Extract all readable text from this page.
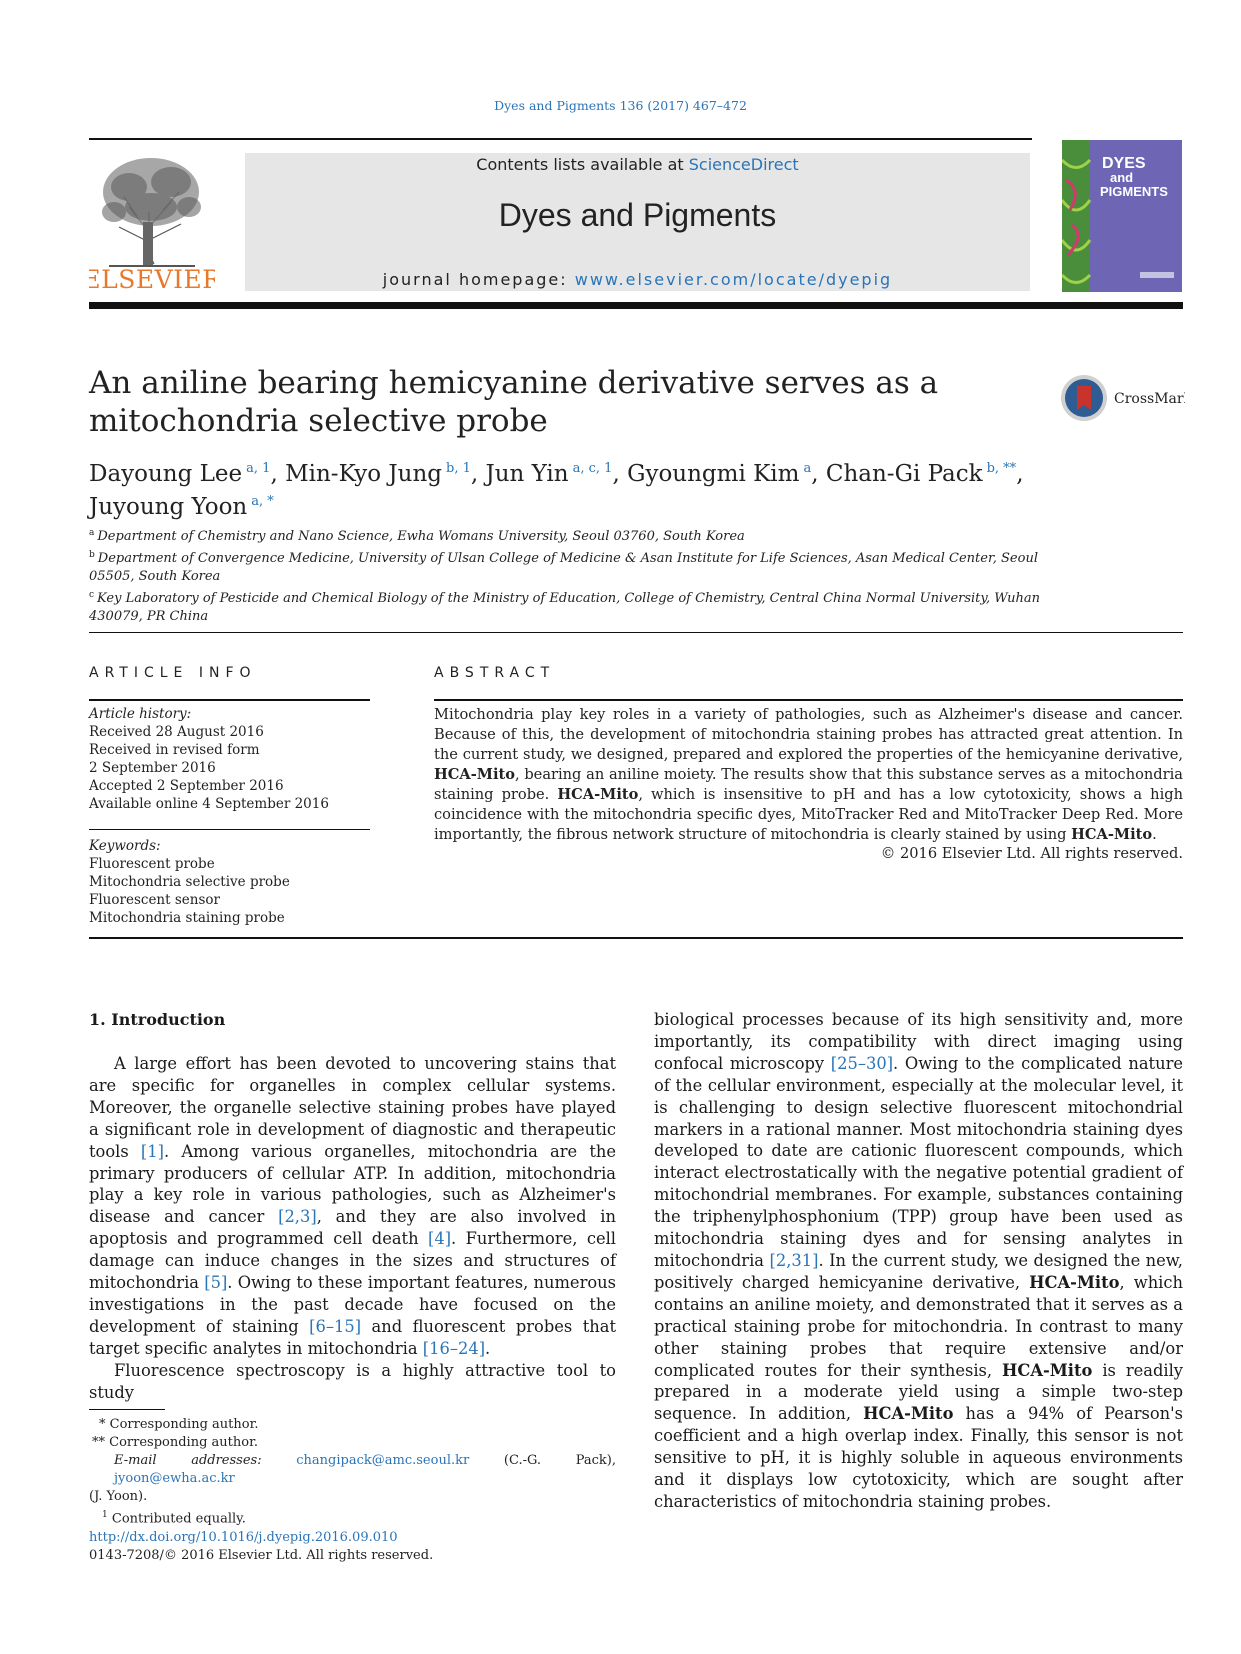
Dyes and Pigments 136 (2017) 467–472
ELSEVIER
Contents lists available at ScienceDirect
Dyes and Pigments
journal homepage: www.elsevier.com/locate/dyepig
DYES
and
PIGMENTS
An aniline bearing hemicyanine derivative serves as a mitochondria selective probe
CrossMark
Dayoung Lee $^{a, 1}$, Min-Kyo Jung $^{b, 1}$, Jun Yin $^{a, c, 1}$, Gyoungmi Kim $^a$, Chan-Gi Pack $^{b, **}$,
Juyoung Yoon $^{a, *}$

$^a$ Department of Chemistry and Nano Science, Ewha Womans University, Seoul 03760, South Korea

$^b$ Department of Convergence Medicine, University of Ulsan College of Medicine & Asan Institute for Life Sciences, Asan Medical Center, Seoul 05505, South Korea

$^c$ Key Laboratory of Pesticide and Chemical Biology of the Ministry of Education, College of Chemistry, Central China Normal University, Wuhan 430079, PR China

ARTICLE INFO	ABSTRACT
Article history:
Received 28 August 2016
Received in revised form
2 September 2016
Accepted 2 September 2016
Available online 4 September 2016
Keywords:
Fluorescent probe
Mitochondria selective probe
Fluorescent sensor
Mitochondria staining probe
Mitochondria play key roles in a variety of pathologies, such as Alzheimer's disease and cancer. Because of this, the development of mitochondria staining probes has attracted great attention. In the current study, we designed, prepared and explored the properties of the hemicyanine derivative, HCA-Mito, bearing an aniline moiety. The results show that this substance serves as a mitochondria staining probe. HCA-Mito, which is insensitive to pH and has a low cytotoxicity, shows a high coincidence with the mitochondria specific dyes, MitoTracker Red and MitoTracker Deep Red. More importantly, the fibrous network structure of mitochondria is clearly stained by using HCA-Mito.
© 2016 Elsevier Ltd. All rights reserved.
1. Introduction

A large effort has been devoted to uncovering stains that are specific for organelles in complex cellular systems. Moreover, the organelle selective staining probes have played a significant role in development of diagnostic and therapeutic tools [1]. Among various organelles, mitochondria are the primary producers of cellular ATP. In addition, mitochondria play a key role in various pathologies, such as Alzheimer's disease and cancer [2,3], and they are also involved in apoptosis and programmed cell death [4]. Furthermore, cell damage can induce changes in the sizes and structures of mitochondria [5]. Owing to these important features, numerous investigations in the past decade have focused on the development of staining [6–15] and fluorescent probes that target specific analytes in mitochondria [16–24].

Fluorescence spectroscopy is a highly attractive tool to study

biological processes because of its high sensitivity and, more importantly, its compatibility with direct imaging using confocal microscopy [25–30]. Owing to the complicated nature of the cellular environment, especially at the molecular level, it is challenging to design selective fluorescent mitochondrial markers in a rational manner. Most mitochondria staining dyes developed to date are cationic fluorescent compounds, which interact electrostatically with the negative potential gradient of mitochondrial membranes. For example, substances containing the triphenylphosphonium (TPP) group have been used as mitochondria staining dyes and for sensing analytes in mitochondria [2,31]. In the current study, we designed the new, positively charged hemicyanine derivative, HCA-Mito, which contains an aniline moiety, and demonstrated that it serves as a practical staining probe for mitochondria. In contrast to many other staining probes that require extensive and/or complicated routes for their synthesis, HCA-Mito is readily prepared in a moderate yield using a simple two-step sequence. In addition, HCA-Mito has a 94% of Pearson's coefficient and a high overlap index. Finally, this sensor is not sensitive to pH, it is highly soluble in aqueous environments and it displays low cytotoxicity, which are sought after characteristics of mitochondria staining probes.

* Corresponding author.

** Corresponding author.

E-mail addresses:	changipack@amc.seoul.kr (C.-G. Pack), jyoon@ewha.ac.kr

(J. Yoon).

$^1$ Contributed equally.

http://dx.doi.org/10.1016/j.dyepig.2016.09.010

0143-7208/© 2016 Elsevier Ltd. All rights reserved.
